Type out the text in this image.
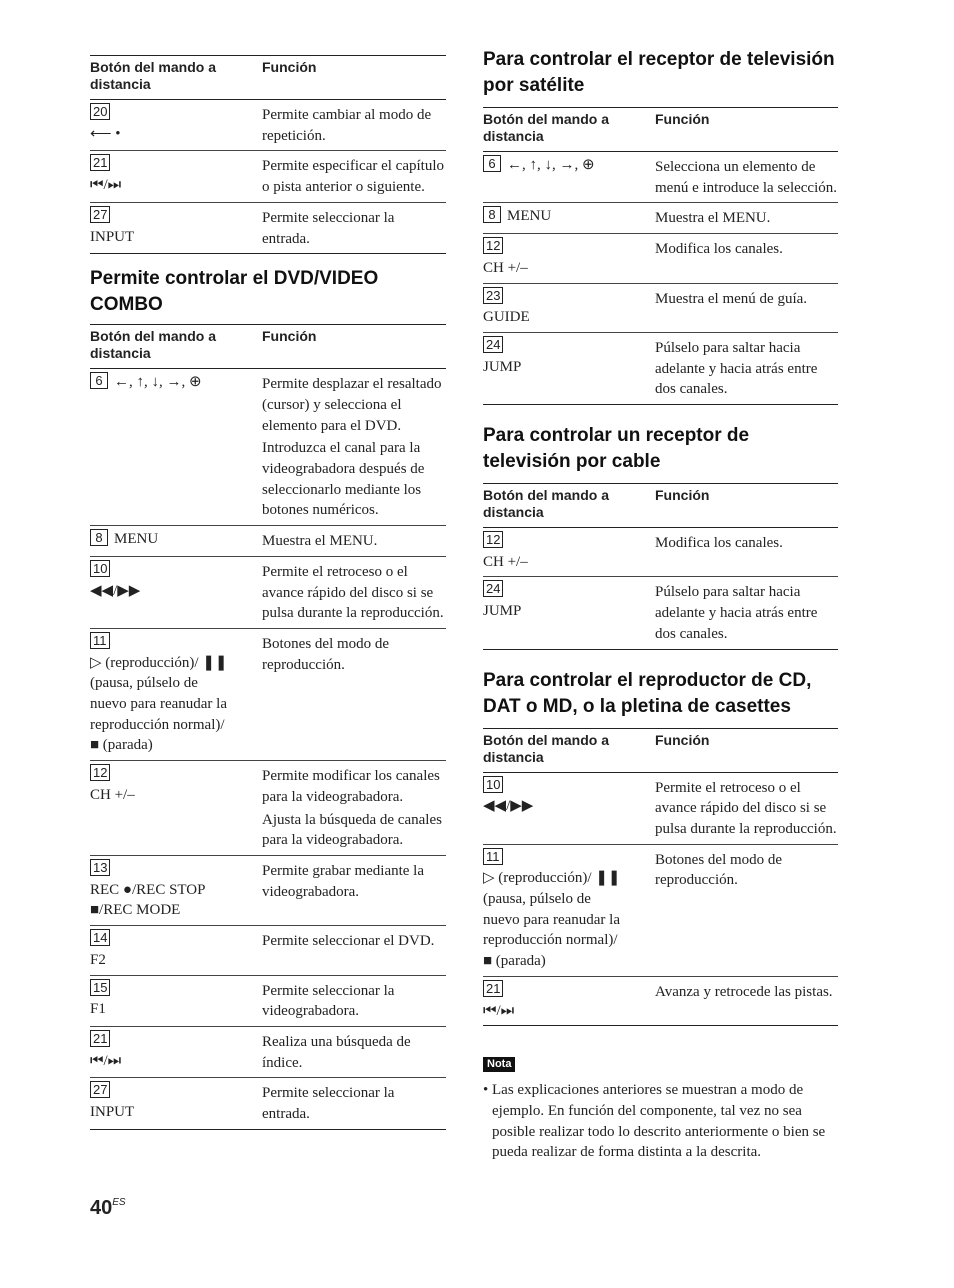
Botón del mando a distancia	Función
20⟵ •	Permite cambiar al modo de repetición.

21⏮/⏭	Permite especificar el capítulo o pista anterior o siguiente.

27INPUT	Permite seleccionar la entrada.
Permite controlar el DVD/VIDEO COMBO
Botón del mando a distancia	Función
6 ←, ↑, ↓, →, ⊕	Permite desplazar el resaltado (cursor) y selecciona el elemento para el DVD.
Introduzca el canal para la videograbadora después de seleccionarlo mediante los botones numéricos.

8 MENU	Muestra el MENU.

10◀◀/▶▶	Permite el retroceso o el avance rápido del disco si se pulsa durante la reproducción.

11▷ (reproducción)/ ❚❚ (pausa, púlselo de nuevo para reanudar la reproducción normal)/■ (parada)	Botones del modo de reproducción.

12CH +/–	Permite modificar los canales para la videograbadora.
Ajusta la búsqueda de canales para la videograbadora.

13REC ●/REC STOP ■/REC MODE	Permite grabar mediante la videograbadora.

14F2	Permite seleccionar el DVD.

15F1	Permite seleccionar la videograbadora.

21⏮/⏭	Realiza una búsqueda de índice.

27INPUT	Permite seleccionar la entrada.
Para controlar el receptor de televisión por satélite
Botón del mando a distancia	Función
6 ←, ↑, ↓, →, ⊕	Selecciona un elemento de menú e introduce la selección.

8 MENU	Muestra el MENU.

12CH +/–	Modifica los canales.

23GUIDE	Muestra el menú de guía.

24JUMP	Púlselo para saltar hacia adelante y hacia atrás entre dos canales.
Para controlar un receptor de televisión por cable
Botón del mando a distancia	Función
12CH +/–	Modifica los canales.

24JUMP	Púlselo para saltar hacia adelante y hacia atrás entre dos canales.
Para controlar el reproductor de CD, DAT o MD, o la pletina de casettes
Botón del mando a distancia	Función
10◀◀/▶▶	Permite el retroceso o el avance rápido del disco si se pulsa durante la reproducción.

11▷ (reproducción)/ ❚❚ (pausa, púlselo de nuevo para reanudar la reproducción normal)/■ (parada)	Botones del modo de reproducción.

21⏮/⏭	Avanza y retrocede las pistas.
Nota

• Las explicaciones anteriores se muestran a modo de ejemplo. En función del componente, tal vez no sea posible realizar todo lo descrito anteriormente o bien se pueda realizar de forma distinta a la descrita.

$40^{ES}$
